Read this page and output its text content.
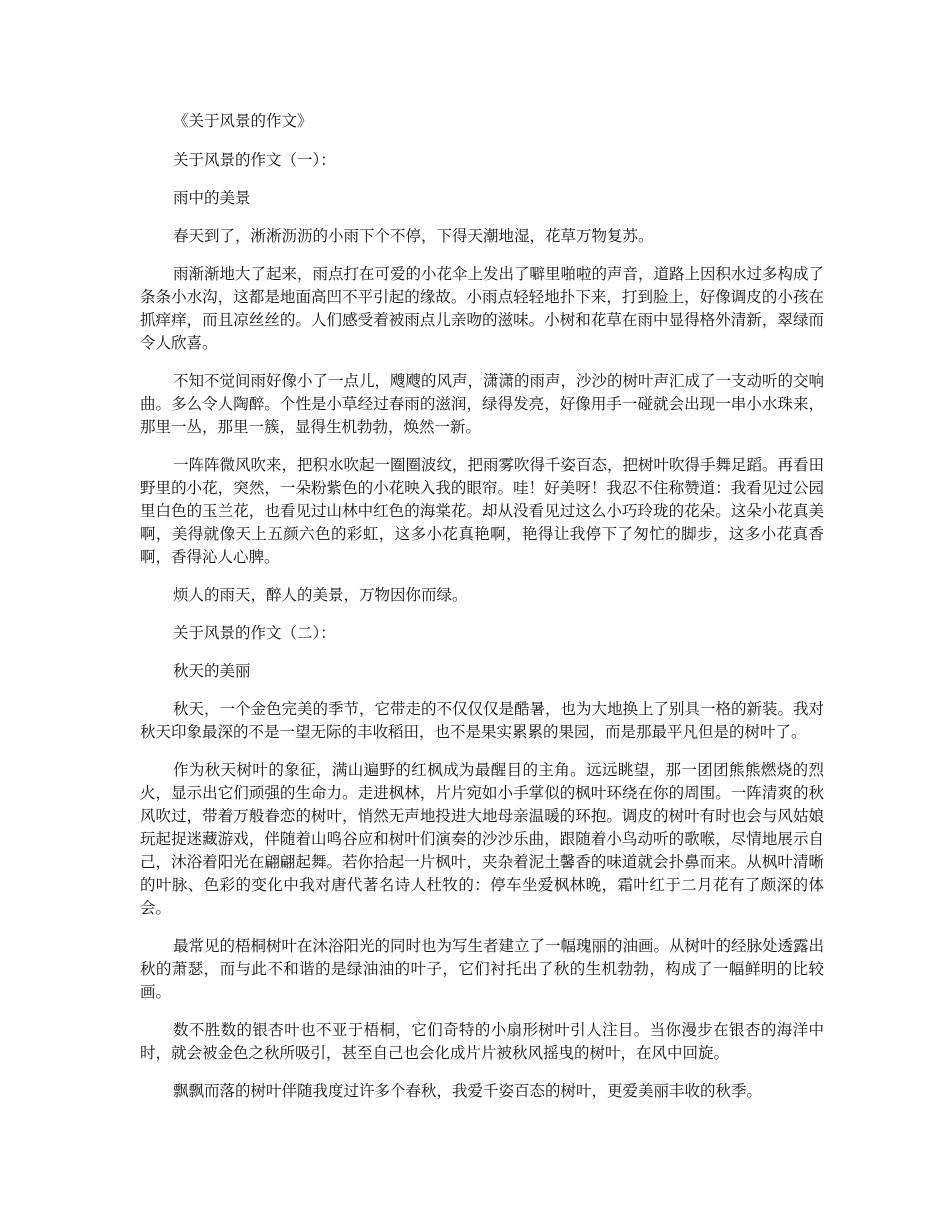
《关于风景的作文》

关于风景的作文（一）：

雨中的美景

春天到了，淅淅沥沥的小雨下个不停，下得天潮地湿，花草万物复苏。

雨渐渐地大了起来，雨点打在可爱的小花伞上发出了噼里啪啦的声音，道路上因积水过多构成了条条小水沟，这都是地面高凹不平引起的缘故。小雨点轻轻地扑下来，打到脸上，好像调皮的小孩在抓痒痒，而且凉丝丝的。人们感受着被雨点儿亲吻的滋味。小树和花草在雨中显得格外清新，翠绿而令人欣喜。

不知不觉间雨好像小了一点儿，飕飕的风声，潇潇的雨声，沙沙的树叶声汇成了一支动听的交响曲。多么令人陶醉。个性是小草经过春雨的滋润，绿得发亮，好像用手一碰就会出现一串小水珠来，那里一丛，那里一簇，显得生机勃勃，焕然一新。

一阵阵微风吹来，把积水吹起一圈圈波纹，把雨雾吹得千姿百态，把树叶吹得手舞足蹈。再看田野里的小花，突然，一朵粉紫色的小花映入我的眼帘。哇！好美呀！我忍不住称赞道：我看见过公园里白色的玉兰花，也看见过山林中红色的海棠花。却从没看见过这么小巧玲珑的花朵。这朵小花真美啊，美得就像天上五颜六色的彩虹，这多小花真艳啊，艳得让我停下了匆忙的脚步，这多小花真香啊，香得沁人心脾。

烦人的雨天，醉人的美景，万物因你而绿。

关于风景的作文（二）：

秋天的美丽

秋天，一个金色完美的季节，它带走的不仅仅仅是酷暑，也为大地换上了别具一格的新装。我对秋天印象最深的不是一望无际的丰收稻田，也不是果实累累的果园，而是那最平凡但是的树叶了。

作为秋天树叶的象征，满山遍野的红枫成为最醒目的主角。远远眺望，那一团团熊熊燃烧的烈火，显示出它们顽强的生命力。走进枫林，片片宛如小手掌似的枫叶环绕在你的周围。一阵清爽的秋风吹过，带着万般眷恋的树叶，悄然无声地投进大地母亲温暖的环抱。调皮的树叶有时也会与风姑娘玩起捉迷藏游戏，伴随着山鸣谷应和树叶们演奏的沙沙乐曲，跟随着小鸟动听的歌喉，尽情地展示自己，沐浴着阳光在翩翩起舞。若你拾起一片枫叶，夹杂着泥土馨香的味道就会扑鼻而来。从枫叶清晰的叶脉、色彩的变化中我对唐代著名诗人杜牧的：停车坐爱枫林晚，霜叶红于二月花有了颇深的体会。

最常见的梧桐树叶在沐浴阳光的同时也为写生者建立了一幅瑰丽的油画。从树叶的经脉处透露出秋的萧瑟，而与此不和谐的是绿油油的叶子，它们衬托出了秋的生机勃勃，构成了一幅鲜明的比较画。

数不胜数的银杏叶也不亚于梧桐，它们奇特的小扇形树叶引人注目。当你漫步在银杏的海洋中时，就会被金色之秋所吸引，甚至自己也会化成片片被秋风摇曳的树叶，在风中回旋。

飘飘而落的树叶伴随我度过许多个春秋，我爱千姿百态的树叶，更爱美丽丰收的秋季。
